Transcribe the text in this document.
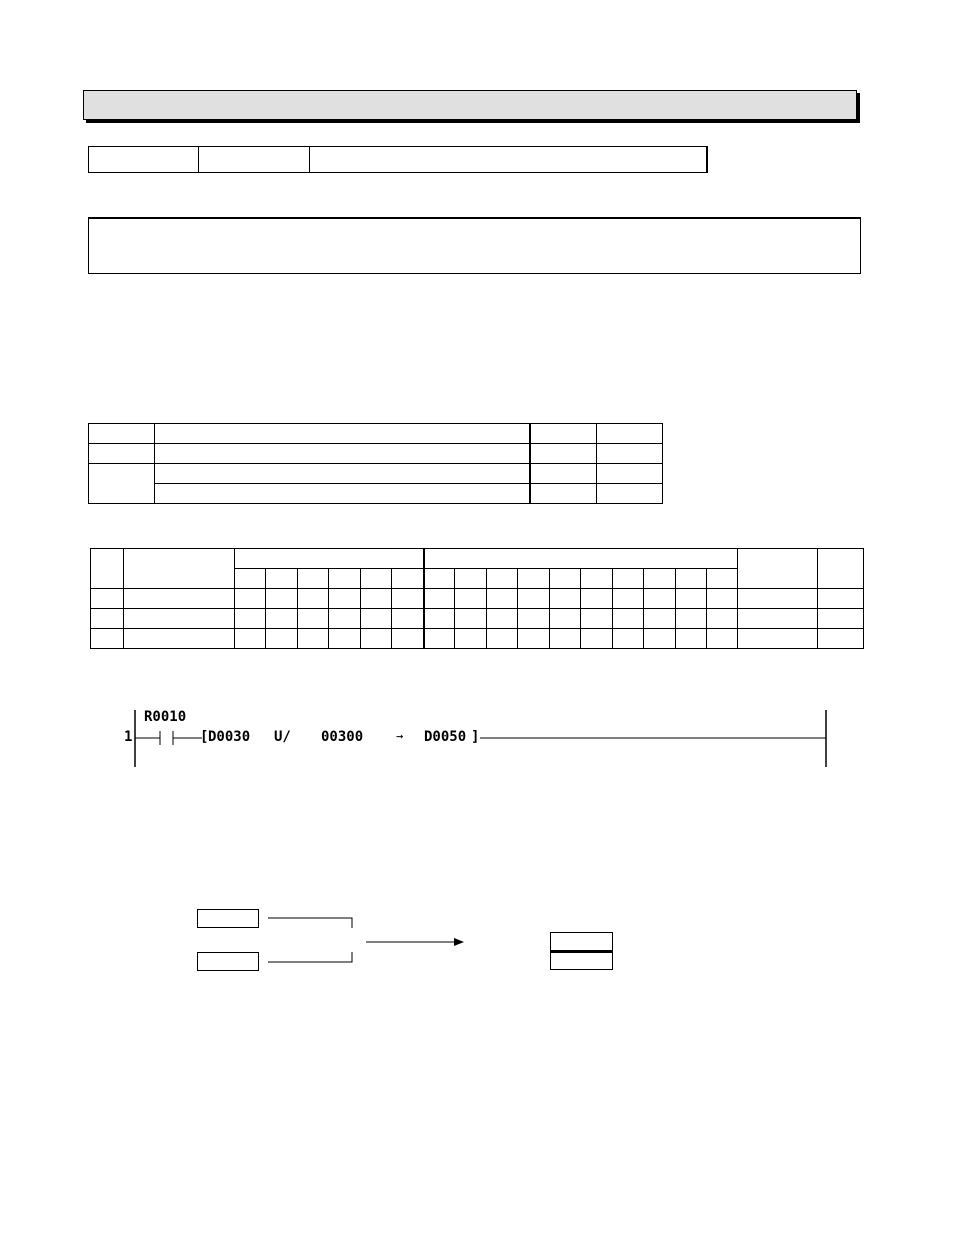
1
R0010
[ D0030 U/ 00300	→ D0050 ]
